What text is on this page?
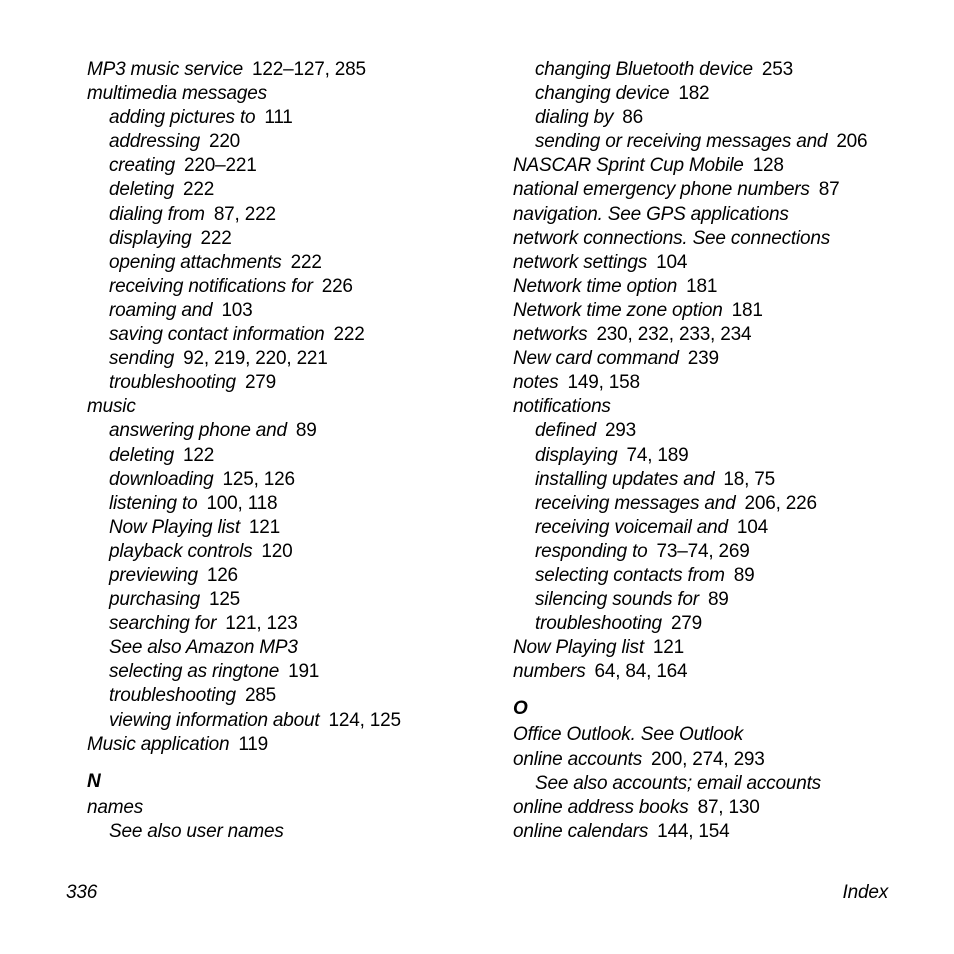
MP3 music service 122–127, 285
multimedia messages
adding pictures to 111
addressing 220
creating 220–221
deleting 222
dialing from 87, 222
displaying 222
opening attachments 222
receiving notifications for 226
roaming and 103
saving contact information 222
sending 92, 219, 220, 221
troubleshooting 279
music
answering phone and 89
deleting 122
downloading 125, 126
listening to 100, 118
Now Playing list 121
playback controls 120
previewing 126
purchasing 125
searching for 121, 123
See also Amazon MP3
selecting as ringtone 191
troubleshooting 285
viewing information about 124, 125
Music application 119
N
names
See also user names
changing Bluetooth device 253
changing device 182
dialing by 86
sending or receiving messages and 206
NASCAR Sprint Cup Mobile 128
national emergency phone numbers 87
navigation. See GPS applications
network connections. See connections
network settings 104
Network time option 181
Network time zone option 181
networks 230, 232, 233, 234
New card command 239
notes 149, 158
notifications
defined 293
displaying 74, 189
installing updates and 18, 75
receiving messages and 206, 226
receiving voicemail and 104
responding to 73–74, 269
selecting contacts from 89
silencing sounds for 89
troubleshooting 279
Now Playing list 121
numbers 64, 84, 164
O
Office Outlook. See Outlook
online accounts 200, 274, 293
See also accounts; email accounts
online address books 87, 130
online calendars 144, 154
336	Index
